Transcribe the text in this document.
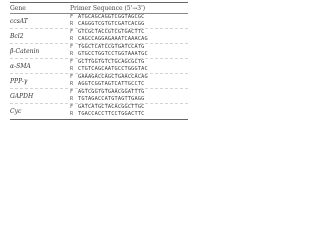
Gene	Primer Sequence (5'→3')
ccsAT
F ATGCAGCAGGTCGGTAGCGC
R CAGGGTCGTGTCGATCACGG
Bcl2
F GTCGCTACCGTCGTGACTTC
R CAGCCAGGAGAAATCAAACAG
β-Catenin
F TGGCTCATCCGTGATCCATG
R GTGCCTGGTCCTGGTAAATGC
α-SMA
F GCTTGGTGTCTGCAGCGCTG
R CTGTCAGCAATGCCTGGGTAC
PPP-γ
F GAAAGACCAGCTGAACCACAG
R AGGTCGGTAGTCATTGCCTC
GAPDH
F AGTCGGTGTGAACGGATTTG
R TGTAGACCATGTAGTTGAGG
Cyc
F GATCATGCTACACGGCTTGC
R TGACCACCTTCCTGGACTTC
